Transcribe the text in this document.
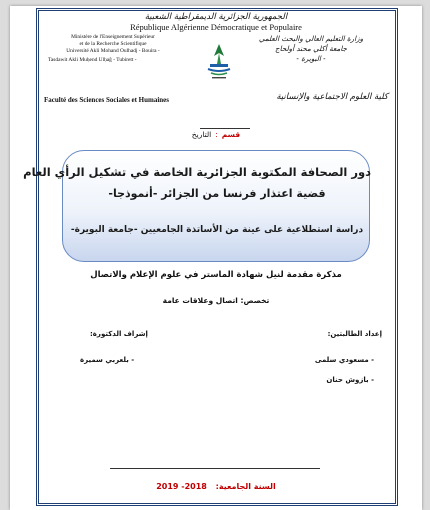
الجمهورية الجزائرية الديمقراطية الشعبية
République Algérienne Démocratique et Populaire
Ministère de l'Enseignement Supérieur
et de la Recherche Scientifique
Université Akli Mohand Oulhadj - Bouira -
Tasdawit Akli Muḥend Ulḥağ - Tubirett -
وزارة التعليم العالي والبحث العلمي
جامعة أكلي محند أولحاج
- البويرة -
Faculté des Sciences Sociales et Humaines	كلية العلوم الاجتماعية والإنسانية
قسم:التاريخ
دور الصحافة المكتوبة الجزائرية الخاصة في تشكيل الرأي العام
قضية اعتذار فرنسا من الجزائر -أنموذجا-
دراسة استطلاعية على عينة من الأساتذة الجامعيين -جامعة البويرة-
مذكرة مقدمة لنيل شهادة الماستر في علوم الإعلام والاتصال
تخصص: اتصال وعلاقات عامة
إعداد الطالبتين:
- مسعودي سلمى
- بازوش حنان
إشراف الدكتورة:
- بلعربي سميرة
السنة الجامعية: 2018- 2019
